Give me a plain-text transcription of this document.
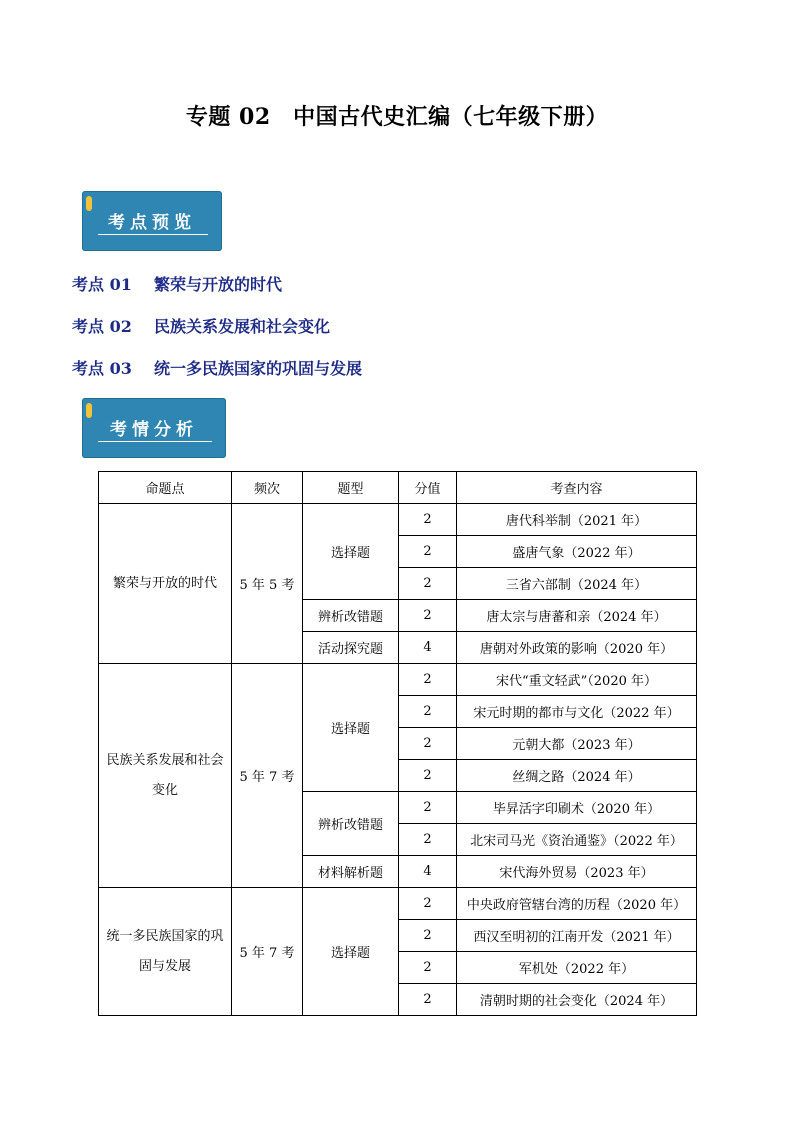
专题 02　中国古代史汇编（七年级下册）
考点预览
考点 01 繁荣与开放的时代
考点 02 民族关系发展和社会变化
考点 03 统一多民族国家的巩固与发展
考情分析
命题点	频次	题型	分值	考查内容
繁荣与开放的时代	5 年 5 考	选择题	2	唐代科举制（2021 年）
			2	盛唐气象（2022 年）
			2	三省六部制（2024 年）
		辨析改错题	2	唐太宗与唐蕃和亲（2024 年）
		活动探究题	4	唐朝对外政策的影响（2020 年）
民族关系发展和社会变化	5 年 7 考	选择题	2	宋代“重文轻武”（2020 年）
			2	宋元时期的都市与文化（2022 年）
			2	元朝大都（2023 年）
			2	丝绸之路（2024 年）
		辨析改错题	2	毕昇活字印刷术（2020 年）
			2	北宋司马光《资治通鉴》（2022 年）
		材料解析题	4	宋代海外贸易（2023 年）
统一多民族国家的巩固与发展	5 年 7 考	选择题	2	中央政府管辖台湾的历程（2020 年）
			2	西汉至明初的江南开发（2021 年）
			2	军机处（2022 年）
			2	清朝时期的社会变化（2024 年）
